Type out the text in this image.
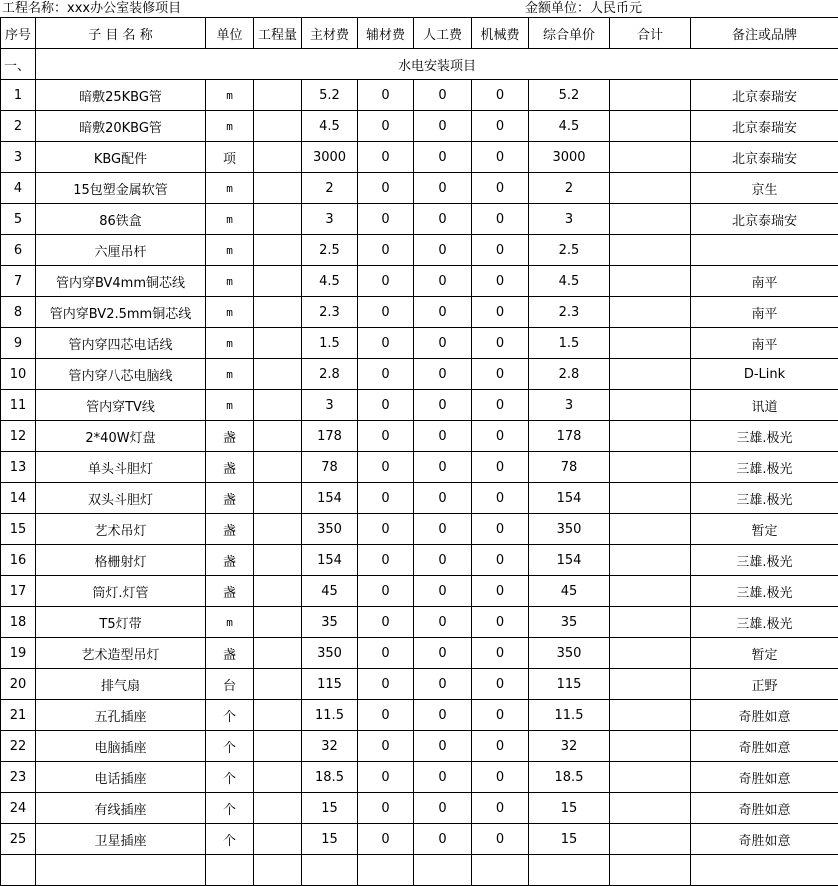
工程名称：xxx办公室装修项目	金额单位：人民币元
序号	子 目 名 称	单位	工程量	主材费	辅材费	人工费	机械费	综合单价	合计	备注或品牌
一、	水电安装项目									
1	暗敷25KBG管	m		5.2	0	0	0	5.2		北京泰瑞安
2	暗敷20KBG管	m		4.5	0	0	0	4.5		北京泰瑞安
3	KBG配件	项		3000	0	0	0	3000		北京泰瑞安
4	15包塑金属软管	m		2	0	0	0	2		京生
5	86铁盒	m		3	0	0	0	3		北京泰瑞安
6	六厘吊杆	m		2.5	0	0	0	2.5		
7	管内穿BV4mm铜芯线	m		4.5	0	0	0	4.5		南平
8	管内穿BV2.5mm铜芯线	m		2.3	0	0	0	2.3		南平
9	管内穿四芯电话线	m		1.5	0	0	0	1.5		南平
10	管内穿八芯电脑线	m		2.8	0	0	0	2.8		D-Link
11	管内穿TV线	m		3	0	0	0	3		讯道
12	2*40W灯盘	盏		178	0	0	0	178		三雄.极光
13	单头斗胆灯	盏		78	0	0	0	78		三雄.极光
14	双头斗胆灯	盏		154	0	0	0	154		三雄.极光
15	艺术吊灯	盏		350	0	0	0	350		暂定
16	格栅射灯	盏		154	0	0	0	154		三雄.极光
17	筒灯.灯管	盏		45	0	0	0	45		三雄.极光
18	T5灯带	m		35	0	0	0	35		三雄.极光
19	艺术造型吊灯	盏		350	0	0	0	350		暂定
20	排气扇	台		115	0	0	0	115		正野
21	五孔插座	个		11.5	0	0	0	11.5		奇胜如意
22	电脑插座	个		32	0	0	0	32		奇胜如意
23	电话插座	个		18.5	0	0	0	18.5		奇胜如意
24	有线插座	个		15	0	0	0	15		奇胜如意
25	卫星插座	个		15	0	0	0	15		奇胜如意
